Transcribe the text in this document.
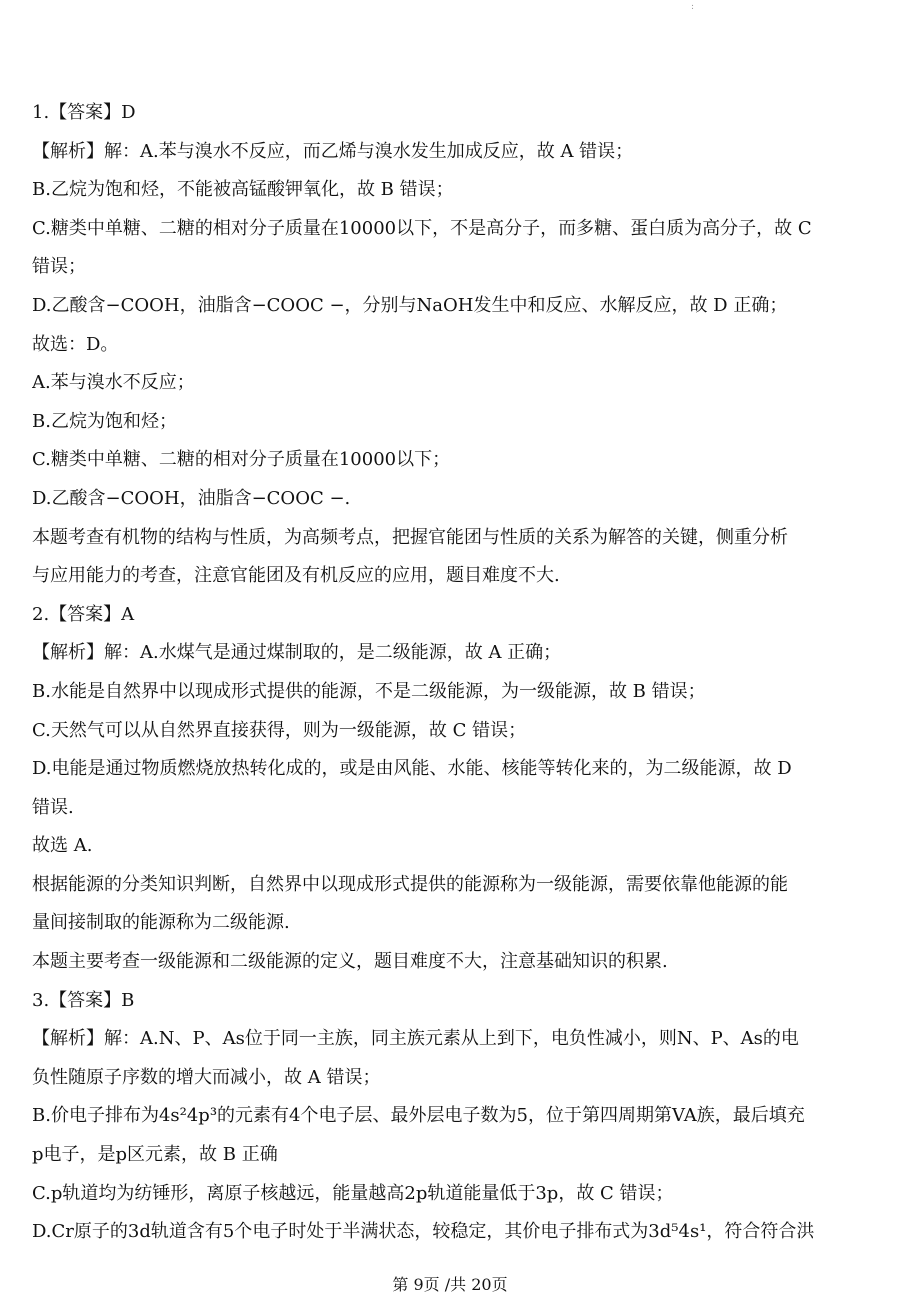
:
1.【答案】D
【解析】解：A.苯与溴水不反应，而乙烯与溴水发生加成反应，故 A 错误；
B.乙烷为饱和烃，不能被高锰酸钾氧化，故 B 错误；
C.糖类中单糖、二糖的相对分子质量在10000以下，不是高分子，而多糖、蛋白质为高分子，故 C
错误；
D.乙酸含−COOH，油脂含−COOC −，分别与NaOH发生中和反应、水解反应，故 D 正确；
故选：D。
A.苯与溴水不反应；
B.乙烷为饱和烃；
C.糖类中单糖、二糖的相对分子质量在10000以下；
D.乙酸含−COOH，油脂含−COOC −.
本题考查有机物的结构与性质，为高频考点，把握官能团与性质的关系为解答的关键，侧重分析
与应用能力的考查，注意官能团及有机反应的应用，题目难度不大.
2.【答案】A
【解析】解：A.水煤气是通过煤制取的，是二级能源，故 A 正确；
B.水能是自然界中以现成形式提供的能源，不是二级能源，为一级能源，故 B 错误；
C.天然气可以从自然界直接获得，则为一级能源，故 C 错误；
D.电能是通过物质燃烧放热转化成的，或是由风能、水能、核能等转化来的，为二级能源，故 D
错误.
故选 A.
根据能源的分类知识判断，自然界中以现成形式提供的能源称为一级能源，需要依靠他能源的能
量间接制取的能源称为二级能源.
本题主要考查一级能源和二级能源的定义，题目难度不大，注意基础知识的积累.
3.【答案】B
【解析】解：A.N、P、As位于同一主族，同主族元素从上到下，电负性减小，则N、P、As的电
负性随原子序数的增大而减小，故 A 错误；
B.价电子排布为4s²4p³的元素有4个电子层、最外层电子数为5，位于第四周期第VA族，最后填充
p电子，是p区元素，故 B 正确
C.p轨道均为纺锤形，离原子核越远，能量越高2p轨道能量低于3p，故 C 错误；
D.Cr原子的3d轨道含有5个电子时处于半满状态，较稳定，其价电子排布式为3d⁵4s¹，符合符合洪
第 9页 /共 20页
